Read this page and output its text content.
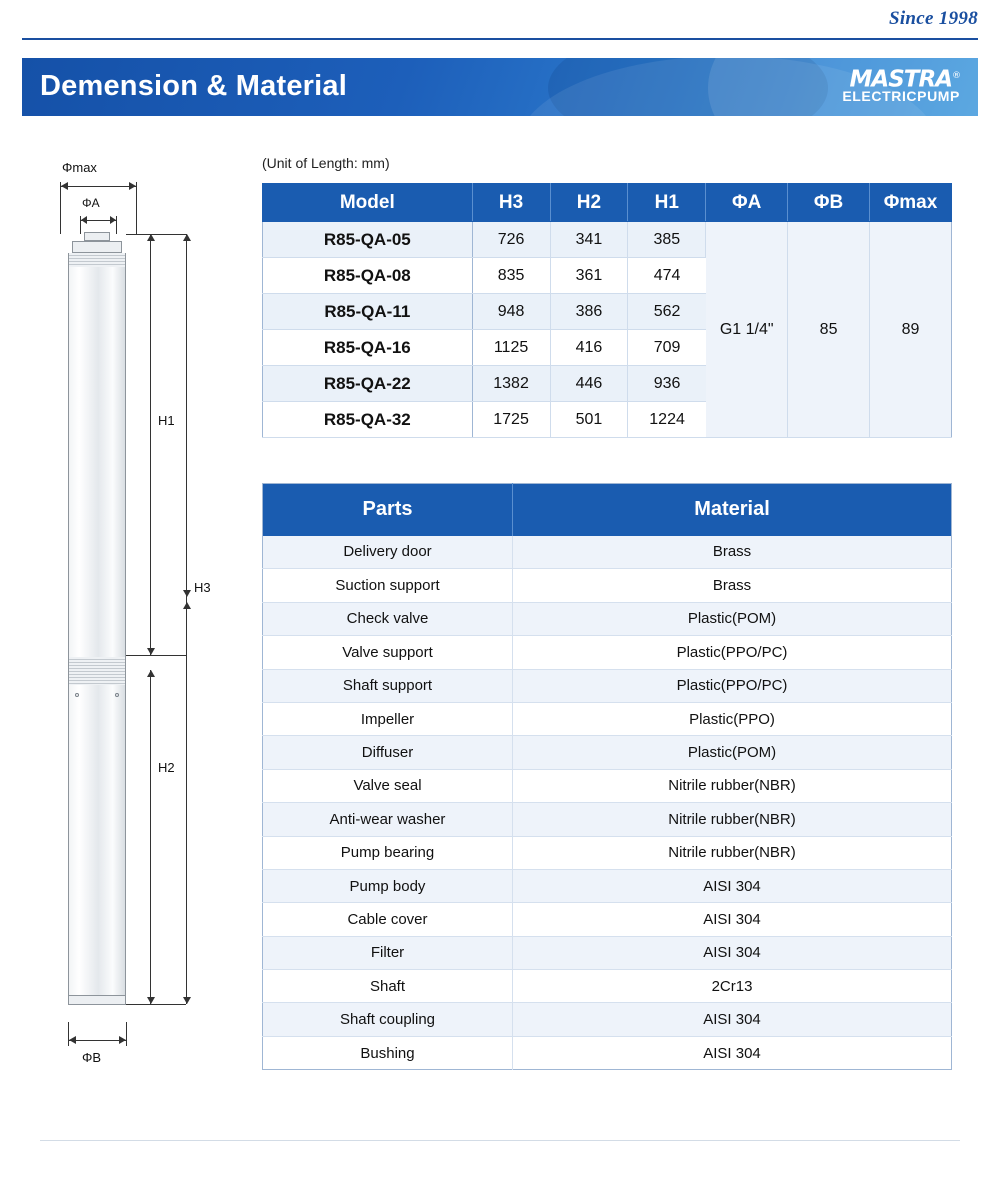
Since 1998
Demension & Material	MASTRA®
ELECTRICPUMP
Φmax
ΦA
H1
H2
H3
ΦB
(Unit of Length: mm)
Model	H3	H2	H1	ΦA	ΦB	Φmax
R85-QA-05	726	341	385	G1 1/4"	85	89
R85-QA-08	835	361	474			
R85-QA-11	948	386	562			
R85-QA-16	1125	416	709			
R85-QA-22	1382	446	936			
R85-QA-32	1725	501	1224			
Parts	Material
Delivery door	Brass
Suction support	Brass
Check valve	Plastic(POM)
Valve support	Plastic(PPO/PC)
Shaft support	Plastic(PPO/PC)
Impeller	Plastic(PPO)
Diffuser	Plastic(POM)
Valve seal	Nitrile rubber(NBR)
Anti-wear washer	Nitrile rubber(NBR)
Pump bearing	Nitrile rubber(NBR)
Pump body	AISI 304
Cable cover	AISI 304
Filter	AISI 304
Shaft	2Cr13
Shaft coupling	AISI 304
Bushing	AISI 304
